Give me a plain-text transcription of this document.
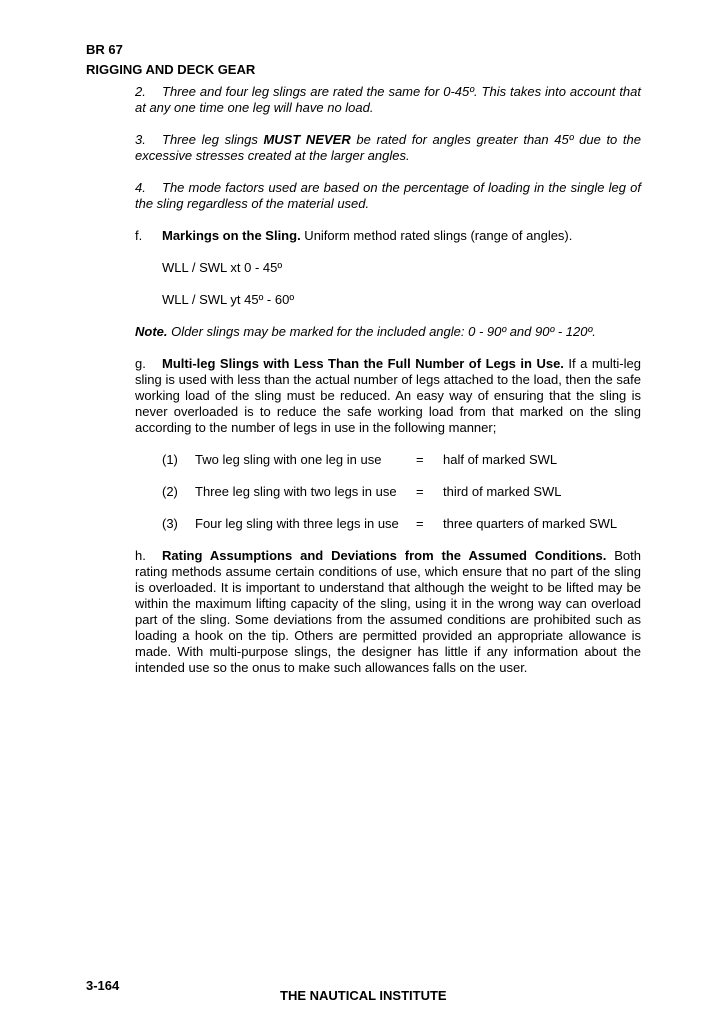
BR 67
RIGGING AND DECK GEAR

2. Three and four leg slings are rated the same for 0-45º. This takes into account that at any one time one leg will have no load.

3. Three leg slings MUST NEVER be rated for angles greater than 45º due to the excessive stresses created at the larger angles.

4. The mode factors used are based on the percentage of loading in the single leg of the sling regardless of the material used.

f. Markings on the Sling. Uniform method rated slings (range of angles).

WLL / SWL xt 0 - 45º

WLL / SWL yt 45º - 60º

Note. Older slings may be marked for the included angle: 0 - 90º and 90º - 120º.

g. Multi-leg Slings with Less Than the Full Number of Legs in Use. If a multi-leg sling is used with less than the actual number of legs attached to the load, then the safe working load of the sling must be reduced. An easy way of ensuring that the sling is never overloaded is to reduce the safe working load from that marked on the sling according to the number of legs in use in the following manner;

(1)	Two leg sling with one leg in use	=	half of marked SWL
(2)	Three leg sling with two legs in use	=	third of marked SWL
(3)	Four leg sling with three legs in use	=	three quarters of marked SWL

h. Rating Assumptions and Deviations from the Assumed Conditions. Both rating methods assume certain conditions of use, which ensure that no part of the sling is overloaded. It is important to understand that although the weight to be lifted may be within the maximum lifting capacity of the sling, using it in the wrong way can overload part of the sling. Some deviations from the assumed conditions are prohibited such as loading a hook on the tip. Others are permitted provided an appropriate allowance is made. With multi-purpose slings, the designer has little if any information about the intended use so the onus to make such allowances falls on the user.

3-164
THE NAUTICAL INSTITUTE
